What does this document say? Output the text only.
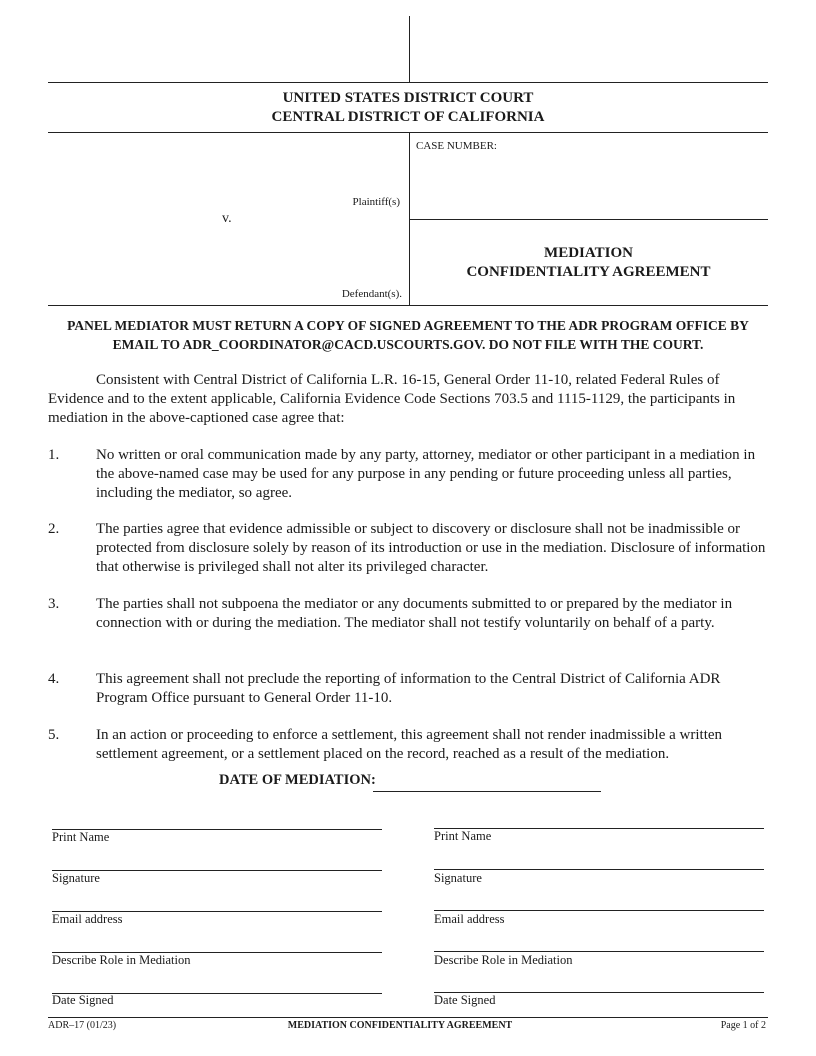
UNITED STATES DISTRICT COURT
CENTRAL DISTRICT OF CALIFORNIA
CASE NUMBER:
Plaintiff(s)
v.
Defendant(s).
MEDIATION
CONFIDENTIALITY AGREEMENT
PANEL MEDIATOR MUST RETURN A COPY OF SIGNED AGREEMENT TO THE ADR PROGRAM OFFICE BY EMAIL TO ADR_COORDINATOR@CACD.USCOURTS.GOV. DO NOT FILE WITH THE COURT.
Consistent with Central District of California L.R. 16-15, General Order 11-10, related Federal Rules of Evidence and to the extent applicable, California Evidence Code Sections 703.5 and 1115-1129, the participants in mediation in the above-captioned case agree that:
1. No written or oral communication made by any party, attorney, mediator or other participant in a mediation in the above-named case may be used for any purpose in any pending or future proceeding unless all parties, including the mediator, so agree.
2. The parties agree that evidence admissible or subject to discovery or disclosure shall not be inadmissible or protected from disclosure solely by reason of its introduction or use in the mediation. Disclosure of information that otherwise is privileged shall not alter its privileged character.
3. The parties shall not subpoena the mediator or any documents submitted to or prepared by the mediator in connection with or during the mediation. The mediator shall not testify voluntarily on behalf of a party.
4. This agreement shall not preclude the reporting of information to the Central District of California ADR Program Office pursuant to General Order 11-10.
5. In an action or proceeding to enforce a settlement, this agreement shall not render inadmissible a written settlement agreement, or a settlement placed on the record, reached as a result of the mediation.
DATE OF MEDIATION:
Print Name
Signature
Email address
Describe Role in Mediation
Date Signed
Print Name
Signature
Email address
Describe Role in Mediation
Date Signed
ADR–17 (01/23)	MEDIATION CONFIDENTIALITY AGREEMENT	Page 1 of 2
